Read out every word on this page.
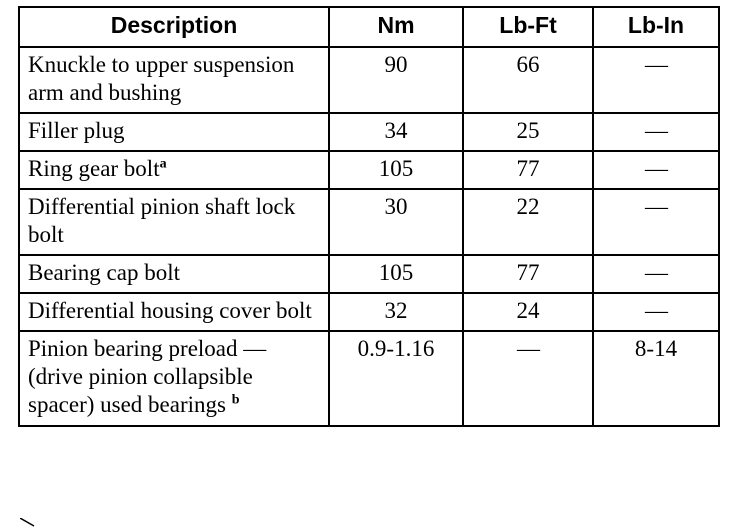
Description	Nm	Lb-Ft	Lb-In
Knuckle to upper suspension arm and bushing	90	66	—
Filler plug	34	25	—
Ring gear bolt$^a$	105	77	—
Differential pinion shaft lock bolt	30	22	—
Bearing cap bolt	105	77	—
Differential housing cover bolt	32	24	—
Pinion bearing preload — (drive pinion collapsible spacer) used bearings $^b$	0.9-1.16	—	8-14
